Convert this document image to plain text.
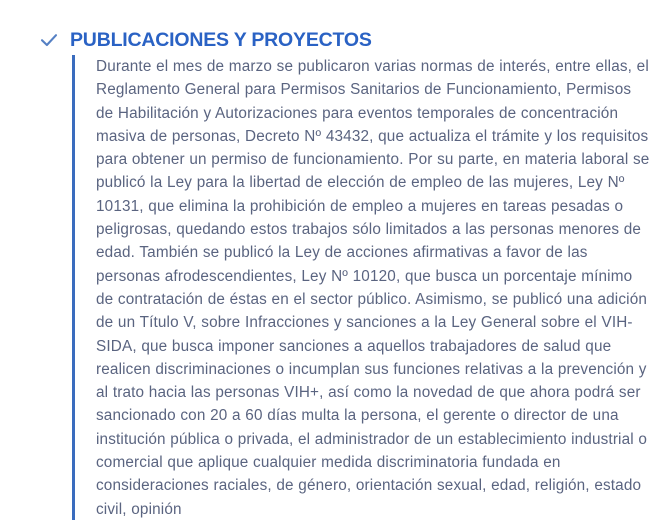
PUBLICACIONES Y PROYECTOS

Durante el mes de marzo se publicaron varias normas de interés, entre ellas, el Reglamento General para Permisos Sanitarios de Funcionamiento, Permisos de Habilitación y Autorizaciones para eventos temporales de concentración masiva de personas, Decreto Nº 43432, que actualiza el trámite y los requisitos para obtener un permiso de funcionamiento. Por su parte, en materia laboral se publicó la Ley para la libertad de elección de empleo de las mujeres, Ley Nº 10131, que elimina la prohibición de empleo a mujeres en tareas pesadas o peligrosas, quedando estos trabajos sólo limitados a las personas menores de edad. También se publicó la Ley de acciones afirmativas a favor de las personas afrodescendientes, Ley Nº 10120, que busca un porcentaje mínimo de contratación de éstas en el sector público. Asimismo, se publicó una adición de un Título V, sobre Infracciones y sanciones a la Ley General sobre el VIH-SIDA, que busca imponer sanciones a aquellos trabajadores de salud que realicen discriminaciones o incumplan sus funciones relativas a la prevención y al trato hacia las personas VIH+, así como la novedad de que ahora podrá ser sancionado con 20 a 60 días multa la persona, el gerente o director de una institución pública o privada, el administrador de un establecimiento industrial o comercial que aplique cualquier medida discriminatoria fundada en consideraciones raciales, de género, orientación sexual, edad, religión, estado civil, opinión
